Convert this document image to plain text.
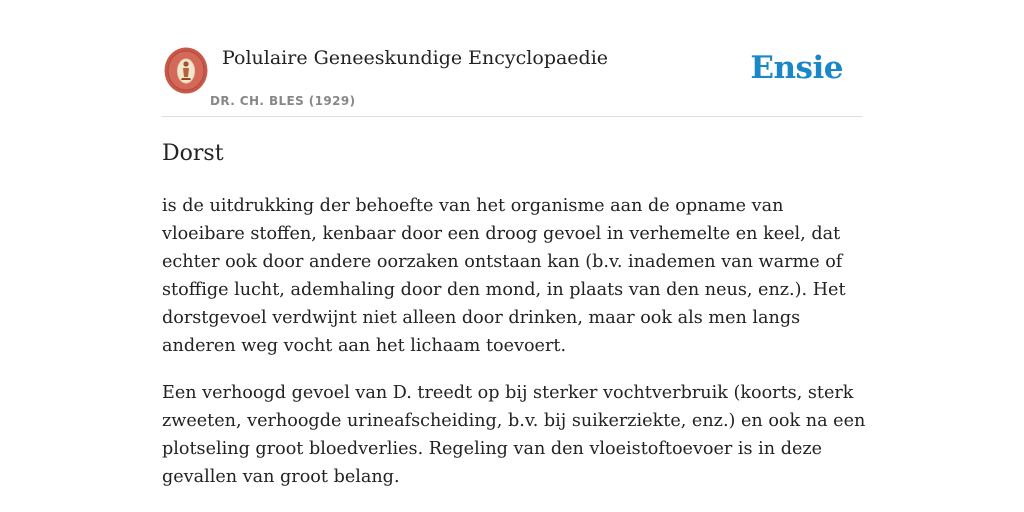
Polulaire Geneeskundige Encyclopaedie
DR. CH. BLES (1929)
Ensie
Dorst

is de uitdrukking der behoefte van het organisme aan de opname van vloeibare stoffen, kenbaar door een droog gevoel in verhemelte en keel, dat echter ook door andere oorzaken ontstaan kan (b.v. inademen van warme of stoffige lucht, ademhaling door den mond, in plaats van den neus, enz.). Het dorstgevoel verdwijnt niet alleen door drinken, maar ook als men langs anderen weg vocht aan het lichaam toevoert.

Een verhoogd gevoel van D. treedt op bij sterker vochtverbruik (koorts, sterk zweeten, verhoogde urineafscheiding, b.v. bij suikerziekte, enz.) en ook na een plotseling groot bloedverlies. Regeling van den vloeistoftoevoer is in deze gevallen van groot belang.
